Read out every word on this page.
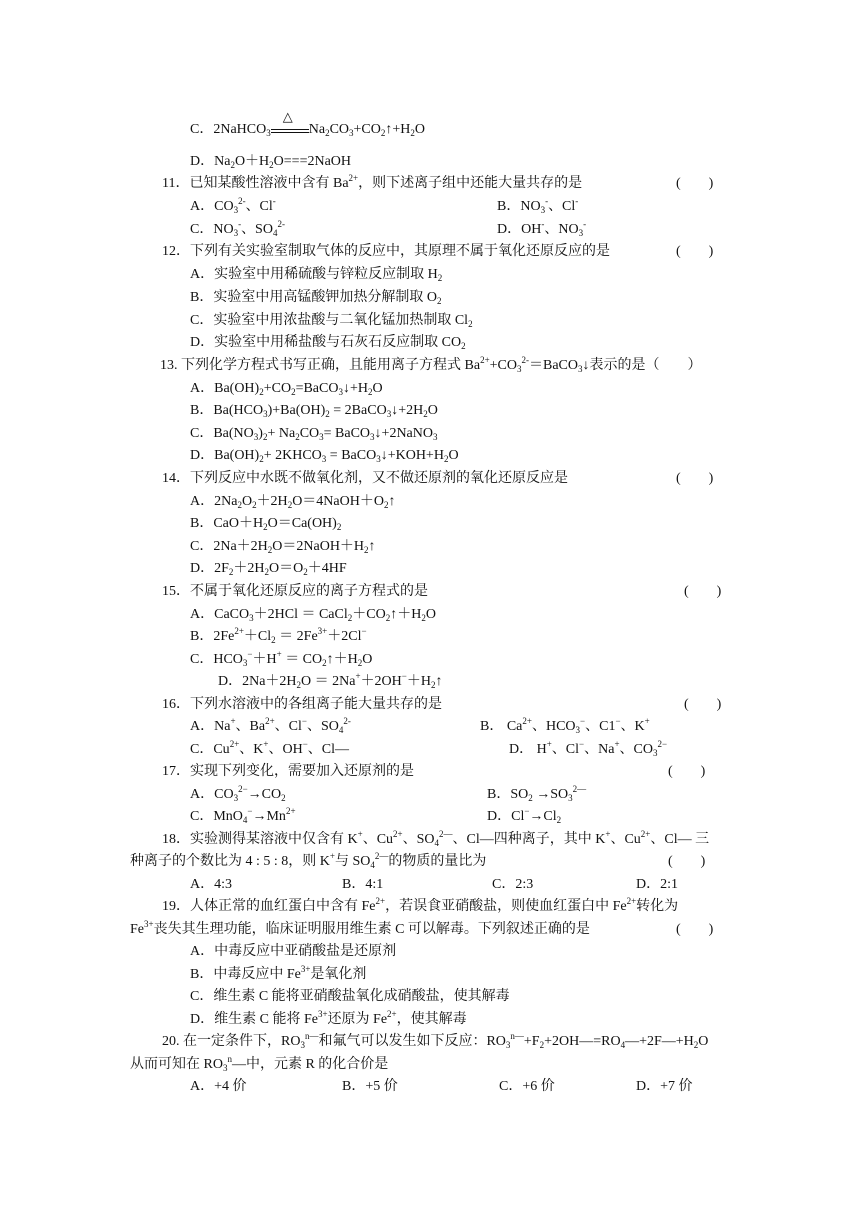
C．2NaHCO$_3$
△
$Na_2CO_3+CO_2↑+H_2O$
D．$Na_2O+H_2O===2NaOH$
11．已知某酸性溶液中含有 $Ba^{2+}$，则下述离子组中还能大量共存的是	(　　)
A．$CO_3^{2-}$、Cl-	B．$NO_3^-$、Cl-
C．$NO_3^-$、$SO_4^{2-}$	D．OH-、$NO_3^-$
12．下列有关实验室制取气体的反应中，其原理不属于氧化还原反应的是	(　　)
A．实验室中用稀硫酸与锌粒反应制取 $H_2$
B．实验室中用高锰酸钾加热分解制取 $O_2$
C．实验室中用浓盐酸与二氧化锰加热制取 $Cl_2$
D．实验室中用稀盐酸与石灰石反应制取 $CO_2$
13. 下列化学方程式书写正确，且能用离子方程式 $Ba^{2+}+CO_3^{2-}=BaCO_3↓$表示的是（　　）
A．$Ba(OH)_2+CO_2=BaCO_3↓+H_2O$
B．$Ba(HCO_3)+Ba(OH)_2$ = $2BaCO_3↓+2H_2O$
C．$Ba(NO_3)_2+ Na_2CO_3=$ BaCO$_3$↓+2NaNO$_3$
D．$Ba(OH)_2+$ $2KHCO_3$ = $BaCO_3↓+KOH+H_2O$
14．下列反应中水既不做氧化剂，又不做还原剂的氧化还原反应是	(　　)
A．$2Na_2O_2+2H_2O=4NaOH+O_2↑$
B．$CaO+H_2O=Ca(OH)_2$
C．$2Na+2H_2O=2NaOH+H_2↑$
D．$2F_2+2H_2O=O_2+4HF$
15．不属于氧化还原反应的离子方程式的是	(　　)
A．CaCO$_3$＋2HCl ＝ $CaCl_2+CO_2↑+H_2O$
B．$2Fe^{2+}+Cl_2 = 2Fe^{3+}+2Cl^-$
C．$HCO_3^-+H^+$ ＝ $CO_2↑+H_2O$
D．$2Na+2H_2O$ ＝ $2Na^++2OH^-+H_2↑$
16．下列水溶液中的各组离子能大量共存的是	(　　)
A．Na+、$Ba^{2+}$、Cl−、$SO_4^{2-}$	B． $Ca^{2+}$、$HCO_3^-$、C1−、K+
C．$Cu^{2+}$、K+、OH−、Cl—	D． H+、Cl−、Na+、$CO_3^{2-}$
17．实现下列变化，需要加入还原剂的是	(　　)
A．$CO_3^{2-}\to CO_2$	B．$SO_2 \to SO_3^{2—}$
C．$MnO_4^-\to Mn^{2+}$	D．$Cl^-\to Cl_2$
18．实验测得某溶液中仅含有 K+、$Cu^{2+}$、$SO_4^{2—}$、Cl—四种离子，其中 K+、$Cu^{2+}$、Cl— 三
种离子的个数比为 4 : 5 : 8，则 K+与 $SO_4^{2—}$的物质的量比为	(　　)
A．4:3	B．4:1	C．2:3	D．2:1
19．人体正常的血红蛋白中含有 $Fe^{2+}$，若误食亚硝酸盐，则使血红蛋白中 $Fe^{2+}$转化为
$Fe^{3+}$丧失其生理功能，临床证明服用维生素 C 可以解毒。下列叙述正确的是	(　　)
A．中毒反应中亚硝酸盐是还原剂
B．中毒反应中 $Fe^{3+}$是氧化剂
C．维生素 C 能将亚硝酸盐氧化成硝酸盐，使其解毒
D．维生素 C 能将 $Fe^{3+}$还原为 $Fe^{2+}$，使其解毒
20. 在一定条件下，$RO_3^{n—}$和氟气可以发生如下反应：$RO_3^{n—}+F_2+2OH—=RO_4—+2F—+H_2O$
从而可知在 $RO_3^n—$中，元素 R 的化合价是
A．+4 价	B．+5 价	C．+6 价	D．+7 价
